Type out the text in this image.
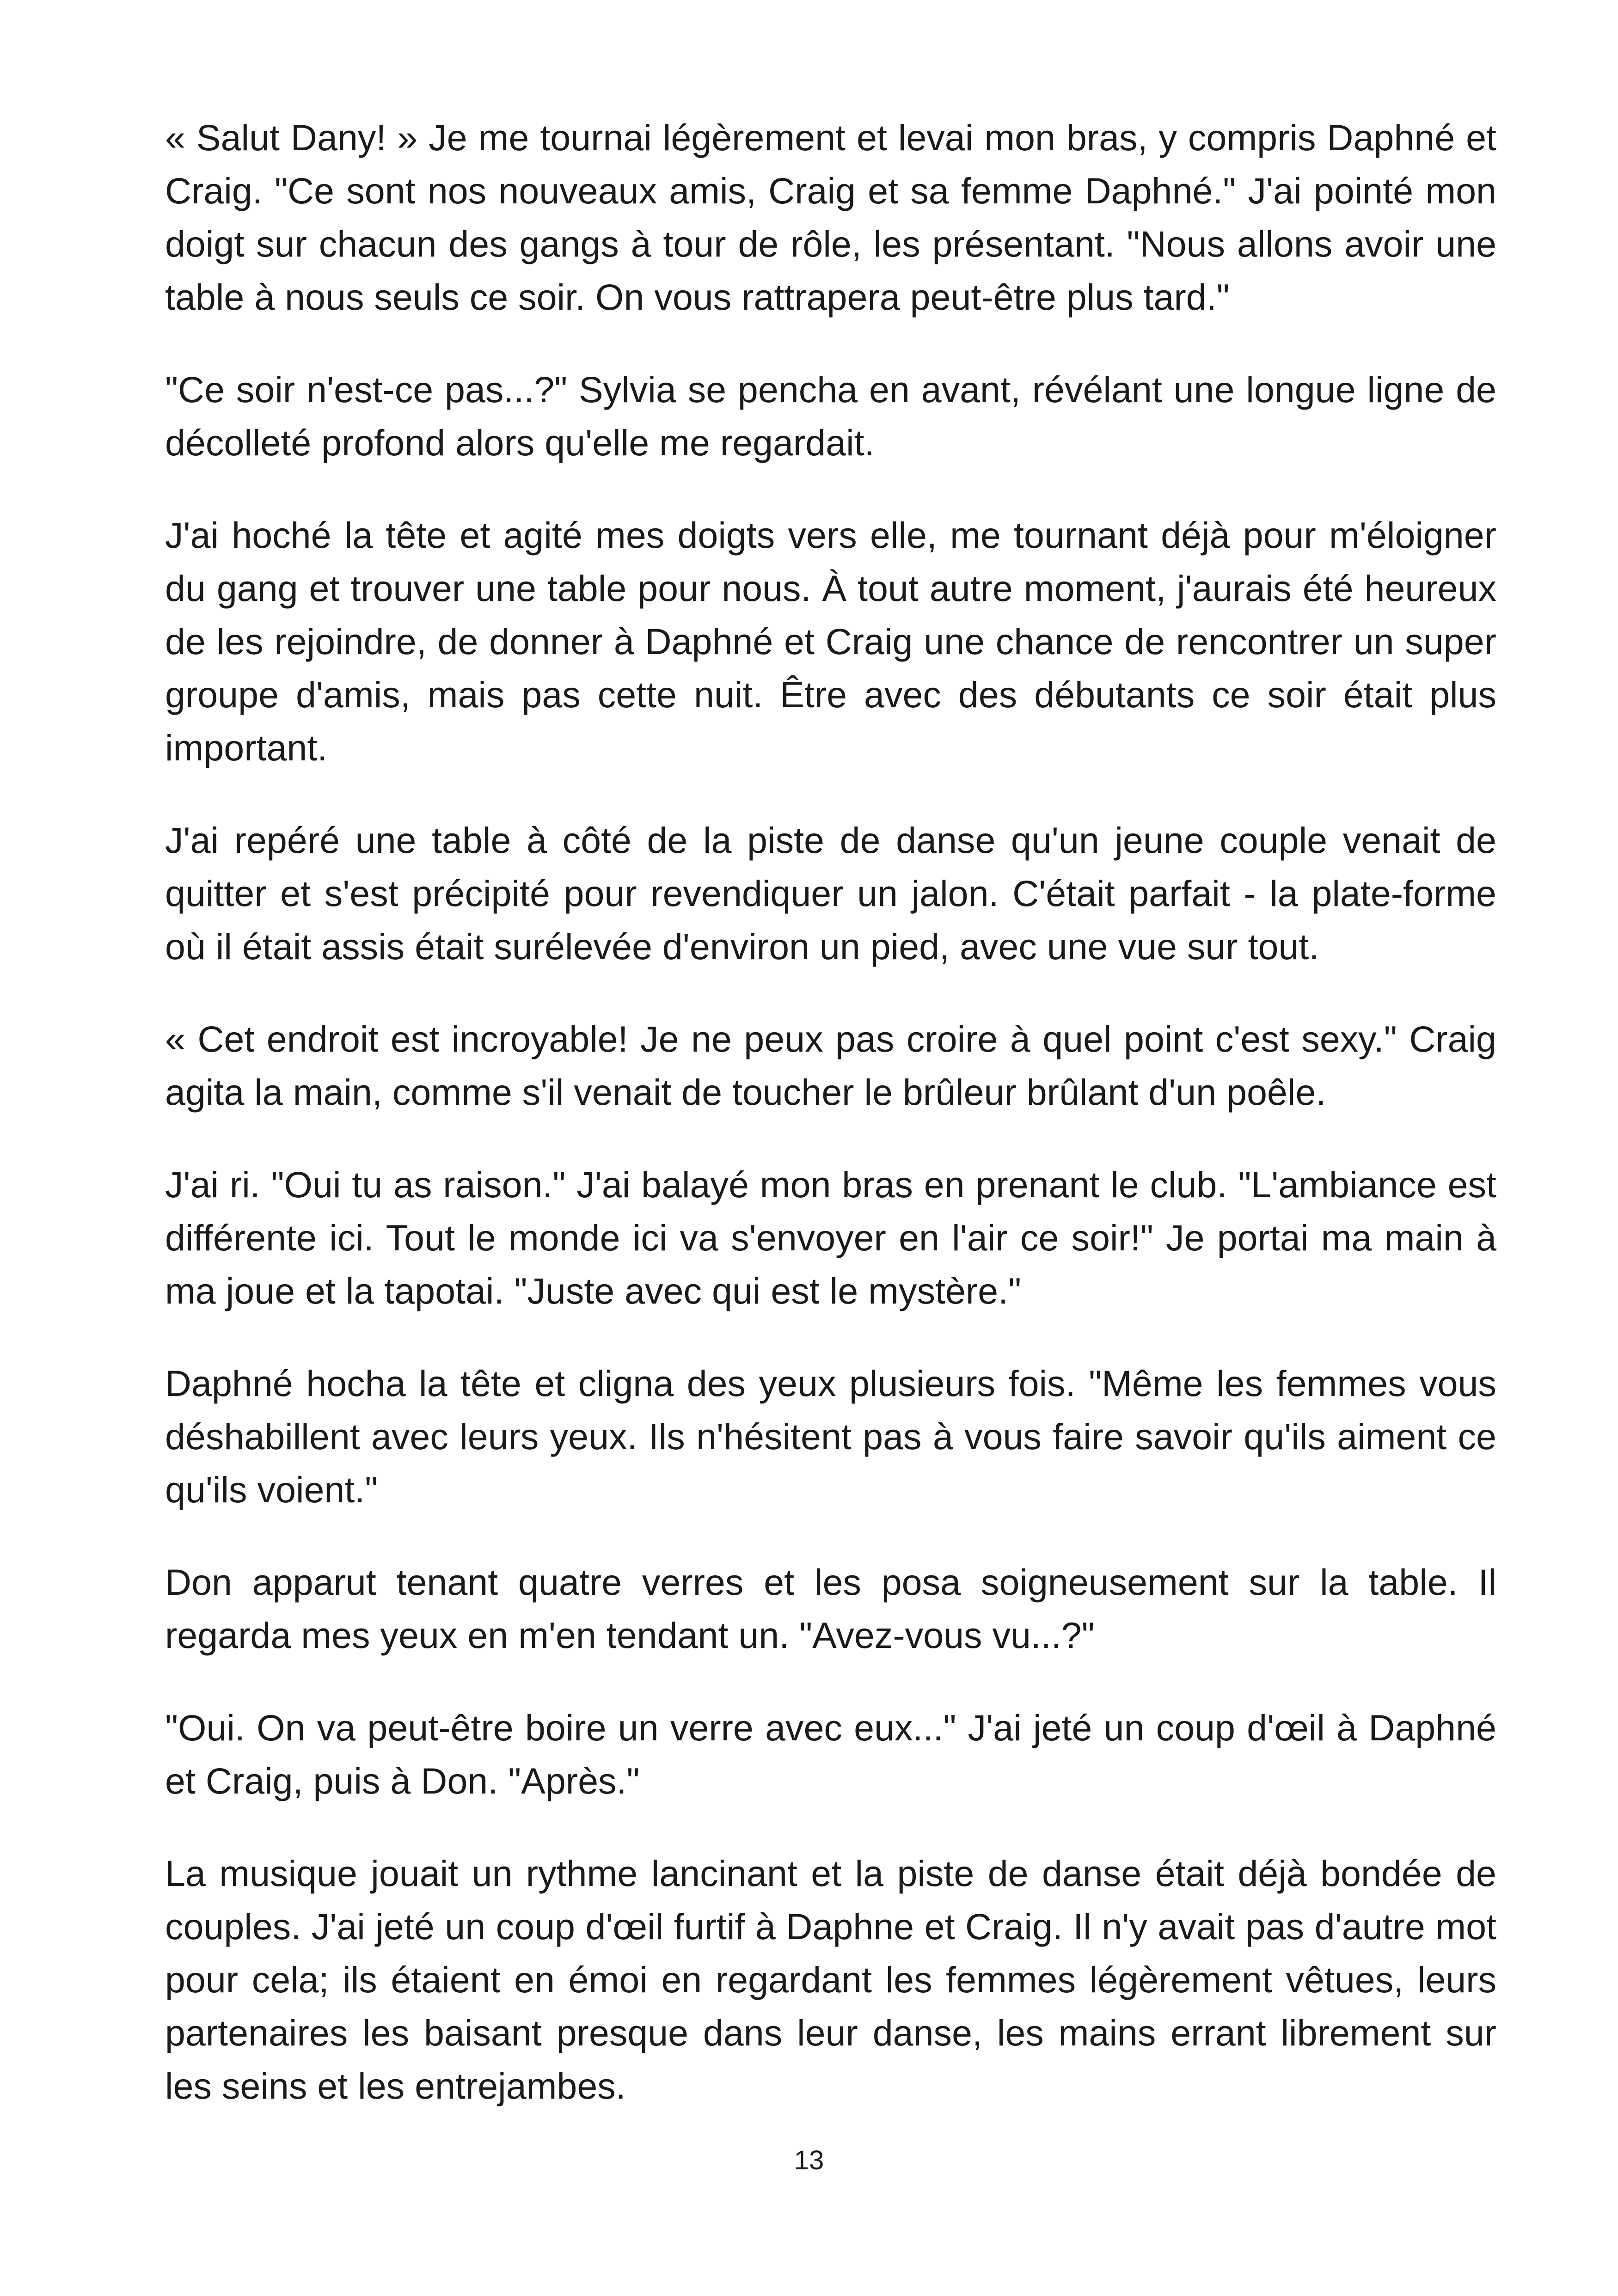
« Salut Dany! » Je me tournai légèrement et levai mon bras, y compris Daphné et Craig. "Ce sont nos nouveaux amis, Craig et sa femme Daphné." J'ai pointé mon doigt sur chacun des gangs à tour de rôle, les présentant. "Nous allons avoir une table à nous seuls ce soir. On vous rattrapera peut-être plus tard."

"Ce soir n'est-ce pas...?" Sylvia se pencha en avant, révélant une longue ligne de décolleté profond alors qu'elle me regardait.

J'ai hoché la tête et agité mes doigts vers elle, me tournant déjà pour m'éloigner du gang et trouver une table pour nous. À tout autre moment, j'aurais été heureux de les rejoindre, de donner à Daphné et Craig une chance de rencontrer un super groupe d'amis, mais pas cette nuit. Être avec des débutants ce soir était plus important.

J'ai repéré une table à côté de la piste de danse qu'un jeune couple venait de quitter et s'est précipité pour revendiquer un jalon. C'était parfait - la plate-forme où il était assis était surélevée d'environ un pied, avec une vue sur tout.

« Cet endroit est incroyable! Je ne peux pas croire à quel point c'est sexy." Craig agita la main, comme s'il venait de toucher le brûleur brûlant d'un poêle.

J'ai ri. "Oui tu as raison." J'ai balayé mon bras en prenant le club. "L'ambiance est différente ici. Tout le monde ici va s'envoyer en l'air ce soir!" Je portai ma main à ma joue et la tapotai. "Juste avec qui est le mystère."

Daphné hocha la tête et cligna des yeux plusieurs fois. "Même les femmes vous déshabillent avec leurs yeux. Ils n'hésitent pas à vous faire savoir qu'ils aiment ce qu'ils voient."

Don apparut tenant quatre verres et les posa soigneusement sur la table. Il regarda mes yeux en m'en tendant un. "Avez-vous vu...?"

"Oui. On va peut-être boire un verre avec eux..." J'ai jeté un coup d'œil à Daphné et Craig, puis à Don. "Après."

La musique jouait un rythme lancinant et la piste de danse était déjà bondée de couples. J'ai jeté un coup d'œil furtif à Daphne et Craig. Il n'y avait pas d'autre mot pour cela; ils étaient en émoi en regardant les femmes légèrement vêtues, leurs partenaires les baisant presque dans leur danse, les mains errant librement sur les seins et les entrejambes.

13
